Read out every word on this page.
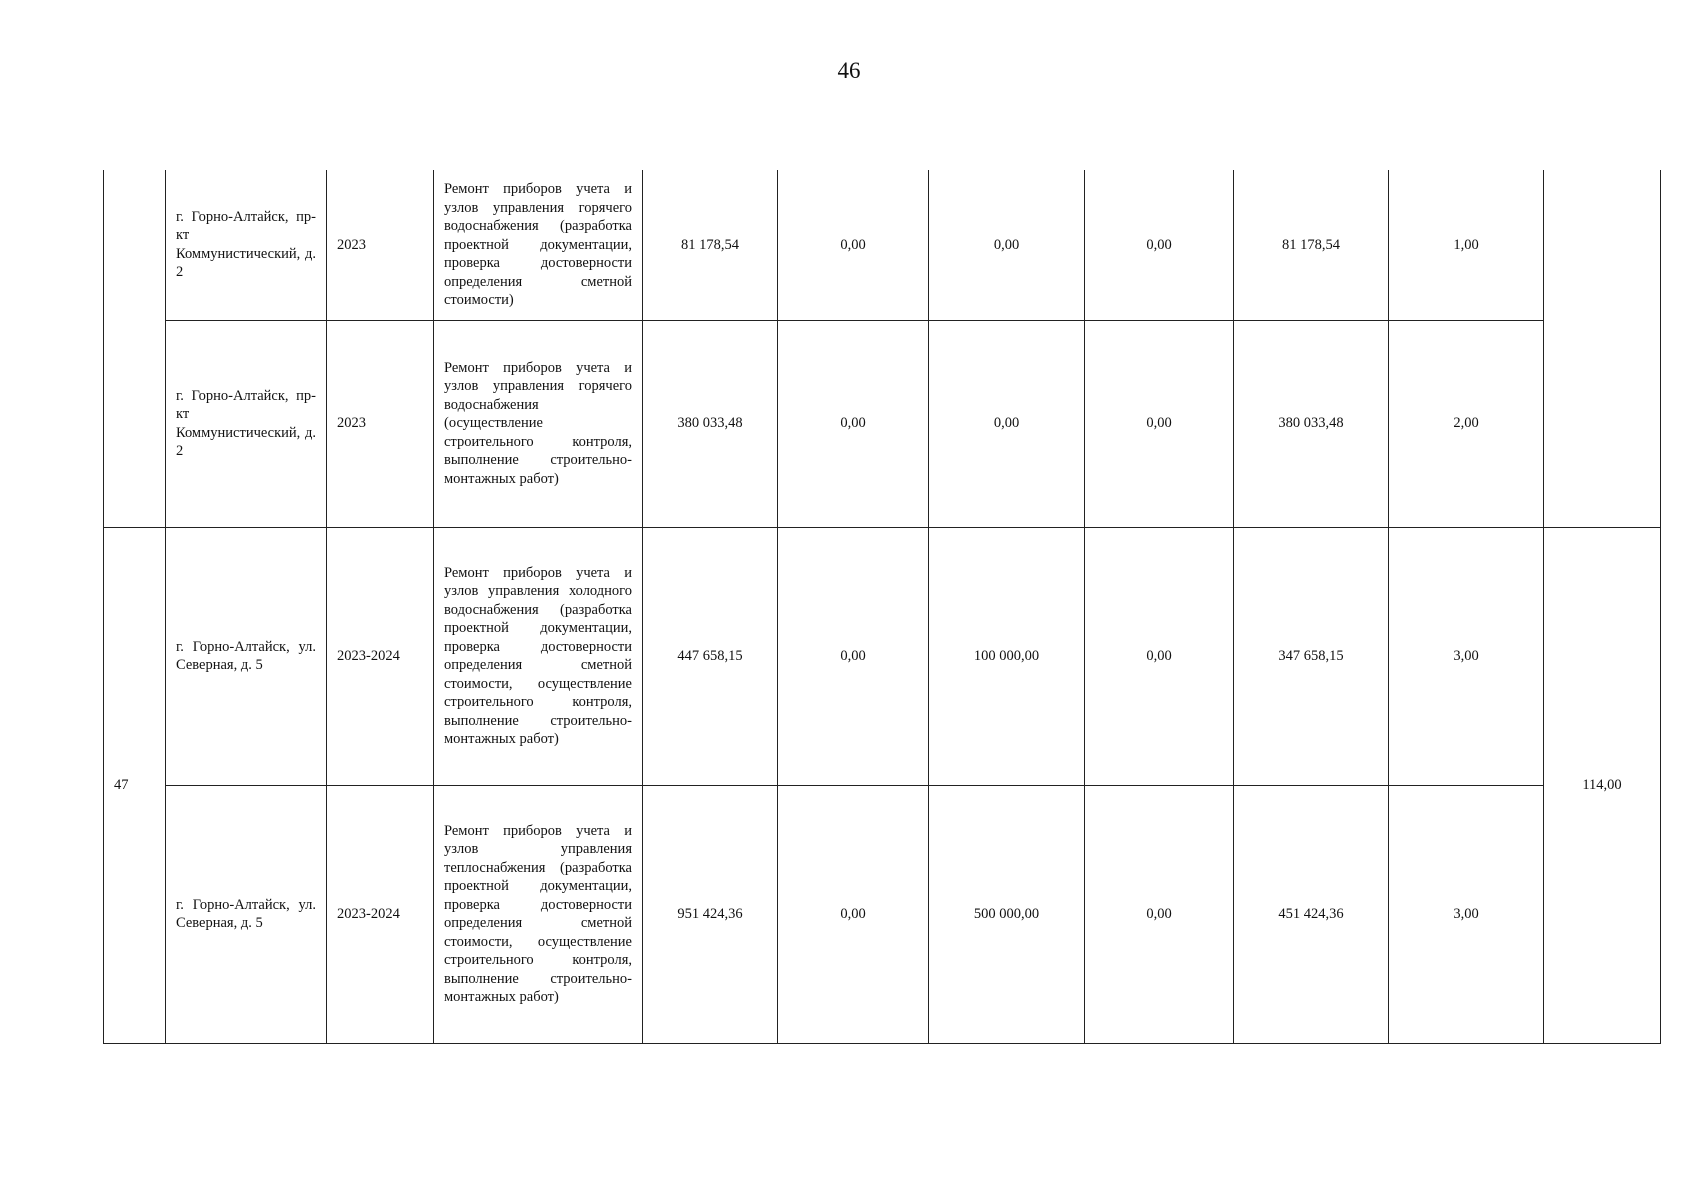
46
	г. Горно-Алтайск, пр-кт Коммунистический, д. 2	2023	Ремонт приборов учета и узлов управления горячего водоснабжения (разработка проектной документации, проверка достоверности определения сметной стоимости)	81 178,54	0,00	0,00	0,00	81 178,54	1,00	
	г. Горно-Алтайск, пр-кт Коммунистический, д. 2	2023	Ремонт приборов учета и узлов управления горячего водоснабжения (осуществление строительного контроля, выполнение строительно-монтажных работ)	380 033,48	0,00	0,00	0,00	380 033,48	2,00	
47	г. Горно-Алтайск, ул. Северная, д. 5	2023-2024	Ремонт приборов учета и узлов управления холодного водоснабжения (разработка проектной документации, проверка достоверности определения сметной стоимости, осуществление строительного контроля, выполнение строительно-монтажных работ)	447 658,15	0,00	100 000,00	0,00	347 658,15	3,00	114,00
	г. Горно-Алтайск, ул. Северная, д. 5	2023-2024	Ремонт приборов учета и узлов управления теплоснабжения (разработка проектной документации, проверка достоверности определения сметной стоимости, осуществление строительного контроля, выполнение строительно-монтажных работ)	951 424,36	0,00	500 000,00	0,00	451 424,36	3,00	
